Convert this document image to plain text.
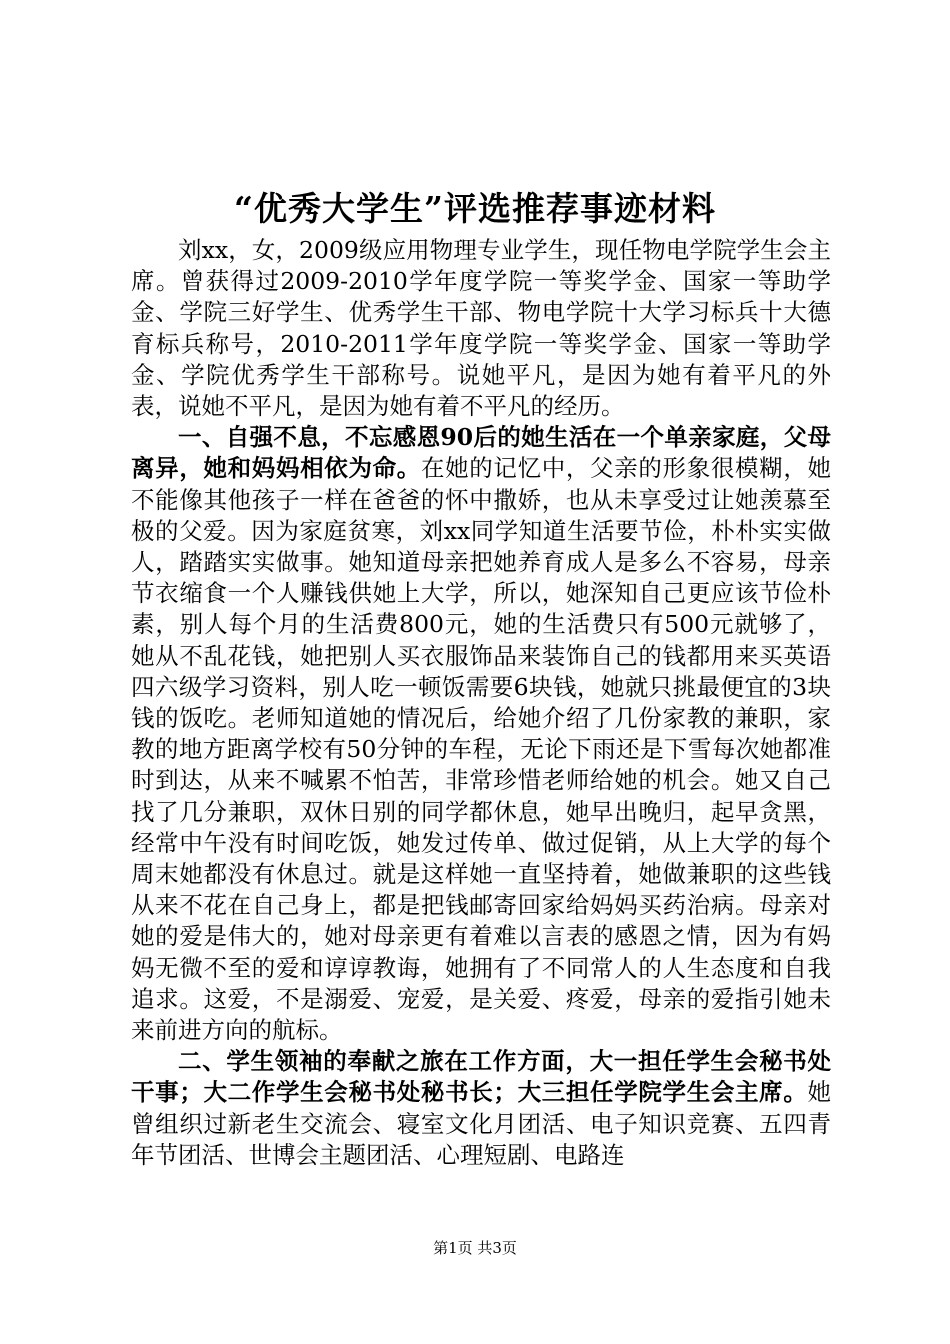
“优秀大学生”评选推荐事迹材料

刘xx，女，2009级应用物理专业学生，现任物电学院学生会主席。曾获得过2009-2010学年度学院一等奖学金、国家一等助学金、学院三好学生、优秀学生干部、物电学院十大学习标兵十大德育标兵称号，2010-2011学年度学院一等奖学金、国家一等助学金、学院优秀学生干部称号。说她平凡，是因为她有着平凡的外表，说她不平凡，是因为她有着不平凡的经历。

一、自强不息，不忘感恩90后的她生活在一个单亲家庭，父母离异，她和妈妈相依为命。在她的记忆中，父亲的形象很模糊，她不能像其他孩子一样在爸爸的怀中撒娇，也从未享受过让她羡慕至极的父爱。因为家庭贫寒，刘xx同学知道生活要节俭，朴朴实实做人，踏踏实实做事。她知道母亲把她养育成人是多么不容易，母亲节衣缩食一个人赚钱供她上大学，所以，她深知自己更应该节俭朴素，别人每个月的生活费800元，她的生活费只有500元就够了，她从不乱花钱，她把别人买衣服饰品来装饰自己的钱都用来买英语四六级学习资料，别人吃一顿饭需要6块钱，她就只挑最便宜的3块钱的饭吃。老师知道她的情况后，给她介绍了几份家教的兼职，家教的地方距离学校有50分钟的车程，无论下雨还是下雪每次她都准时到达，从来不喊累不怕苦，非常珍惜老师给她的机会。她又自己找了几分兼职，双休日别的同学都休息，她早出晚归，起早贪黑，经常中午没有时间吃饭，她发过传单、做过促销，从上大学的每个周末她都没有休息过。就是这样她一直坚持着，她做兼职的这些钱从来不花在自己身上，都是把钱邮寄回家给妈妈买药治病。母亲对她的爱是伟大的，她对母亲更有着难以言表的感恩之情，因为有妈妈无微不至的爱和谆谆教诲，她拥有了不同常人的人生态度和自我追求。这爱，不是溺爱、宠爱，是关爱、疼爱，母亲的爱指引她未来前进方向的航标。

二、学生领袖的奉献之旅在工作方面，大一担任学生会秘书处干事；大二作学生会秘书处秘书长；大三担任学院学生会主席。她曾组织过新老生交流会、寝室文化月团活、电子知识竞赛、五四青年节团活、世博会主题团活、心理短剧、电路连

第1页 共3页
